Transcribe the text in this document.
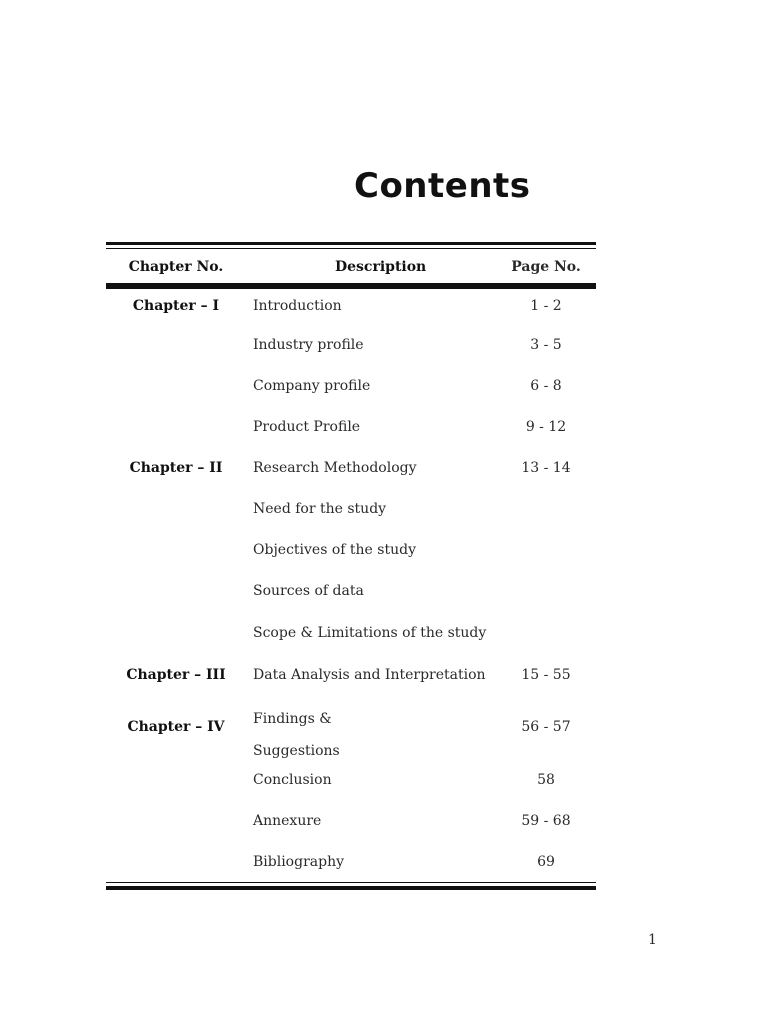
Contents
Chapter No.	Description	Page No.
Chapter – I
Chapter – II
Chapter – III
Chapter – IV
Introduction
Industry profile
Company profile
Product Profile
Research Methodology
Need for the study
Objectives of the study
Sources of data
Scope & Limitations of the study
Data Analysis and Interpretation
Findings &
Suggestions
Conclusion
Annexure
Bibliography
1 - 2
3 - 5
6 - 8
9 - 12
13 - 14
15 - 55
56 - 57
58
59 - 68
69
1
